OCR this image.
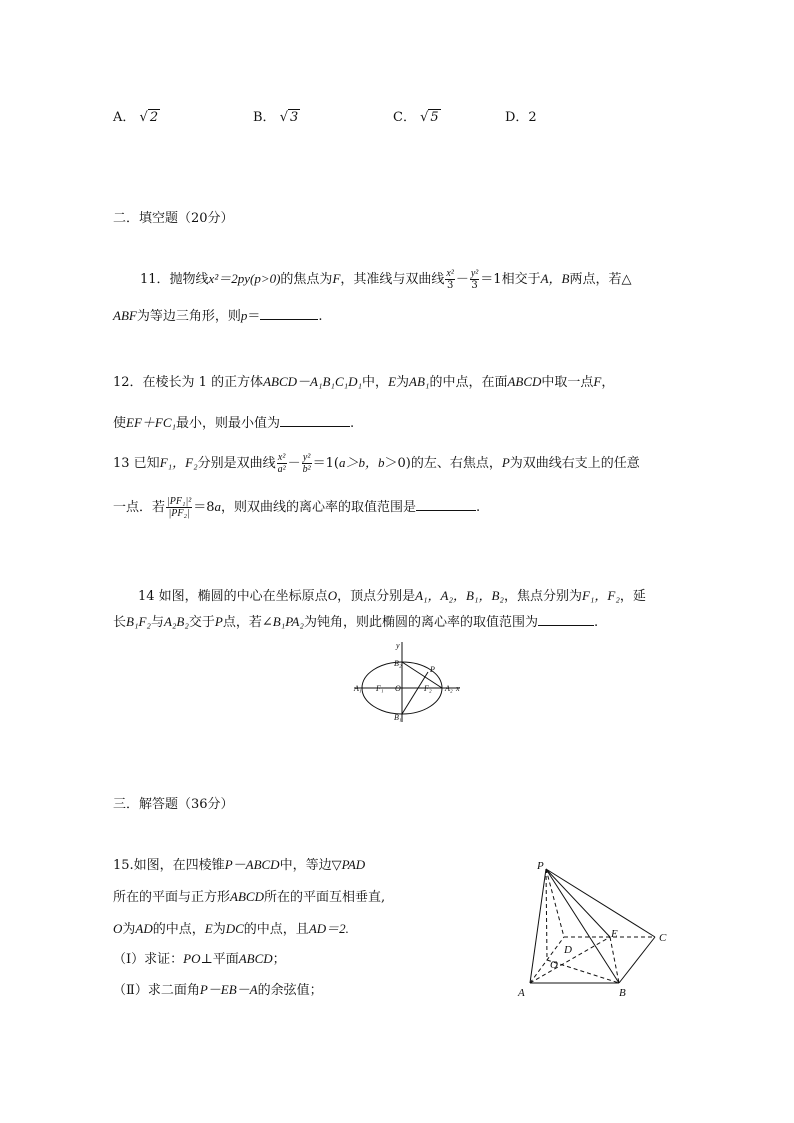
A． √ 2	B． √ 3	C． √ 5	D．2
二．填空题（20分）
11．抛物线x²＝2py(p>0)的焦点为F，其准线与双曲线 $\frac{\text{x²}}{3} - \frac{\text{y²}}{3} =1$相交于A，B两点，若△
ABF为等边三角形，则p＝	.
12．在棱长为 1 的正方体ABCD－A₁B₁C₁D₁中，E为AB₁的中点，在面ABCD中取一点F，
使EF＋FC₁最小，则最小值为	.
13 已知F₁，F₂分别是双曲线 $\frac{\text{x²}}{\text{a²}} - \frac{\text{y²}}{\text{b²}} =1(a>b$，b＞0)的左、右焦点，P为双曲线右支上的任意
一点．若 $\frac{\text{|PF₁|²}}{\text{|PF₂|}} =8a$，则双曲线的离心率的取值范围是	.
14 如图，椭圆的中心在坐标原点O，顶点分别是A₁，A₂，B₁，B₂，焦点分别为F₁，F₂，延
长B₁F₂与A₂B₂交于P点，若∠B₁PA₂为钝角，则此椭圆的离心率的取值范围为	.
y
B₂
P
A₁ F₁ O	F₂ A₂ x
B₁
三．解答题（36分）
15.如图，在四棱锥P－ABCD中，等边▽PAD
所在的平面与正方形ABCD所在的平面互相垂直,
O为AD的中点，E为DC的中点，且AD＝2.
（Ⅰ）求证：PO⊥平面ABCD；
（Ⅱ）求二面角P－EB－A的余弦值；
P
E	C
D
O
A	B
